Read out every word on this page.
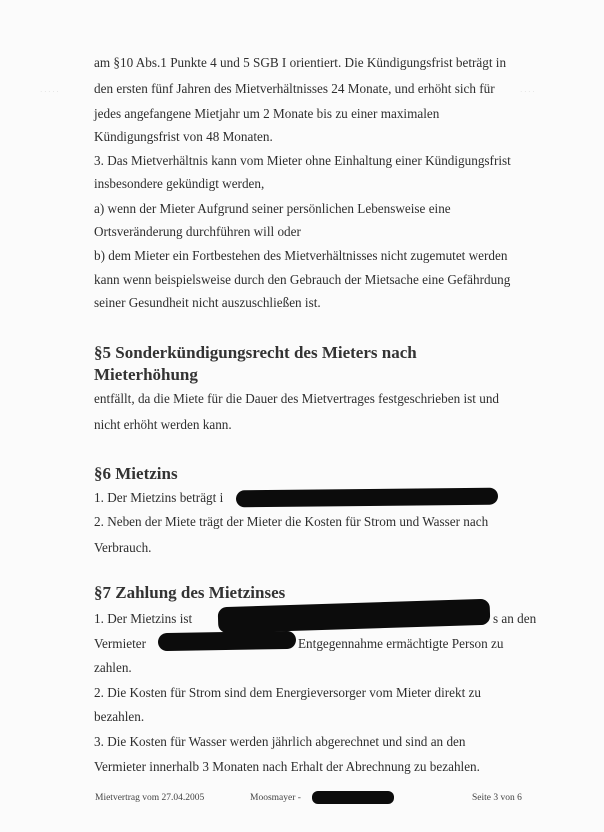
· · · · ·	· · · ·

am §10 Abs.1 Punkte 4 und 5 SGB I orientiert. Die Kündigungsfrist beträgt in

den ersten fünf Jahren des Mietverhältnisses 24 Monate, und erhöht sich für

jedes angefangene Mietjahr um 2 Monate bis zu einer maximalen

Kündigungsfrist von 48 Monaten.

3. Das Mietverhältnis kann vom Mieter ohne Einhaltung einer Kündigungsfrist

insbesondere gekündigt werden,

a) wenn der Mieter Aufgrund seiner persönlichen Lebensweise eine

Ortsveränderung durchführen will oder

b) dem Mieter ein Fortbestehen des Mietverhältnisses nicht zugemutet werden

kann wenn beispielsweise durch den Gebrauch der Mietsache eine Gefährdung

seiner Gesundheit nicht auszuschließen ist.

§5 Sonderkündigungsrecht des Mieters nach
Mieterhöhung

entfällt, da die Miete für die Dauer des Mietvertrages festgeschrieben ist und

nicht erhöht werden kann.

§6 Mietzins

1. Der Mietzins beträgt i

2. Neben der Miete trägt der Mieter die Kosten für Strom und Wasser nach

Verbrauch.

§7 Zahlung des Mietzinses

1. Der Mietzins ist	s an den

Vermieter	Entgegennahme ermächtigte Person zu

zahlen.

2. Die Kosten für Strom sind dem Energieversorger vom Mieter direkt zu

bezahlen.

3. Die Kosten für Wasser werden jährlich abgerechnet und sind an den

Vermieter innerhalb 3 Monaten nach Erhalt der Abrechnung zu bezahlen.

Mietvertrag vom 27.04.2005	Moosmayer -	Seite 3 von 6
